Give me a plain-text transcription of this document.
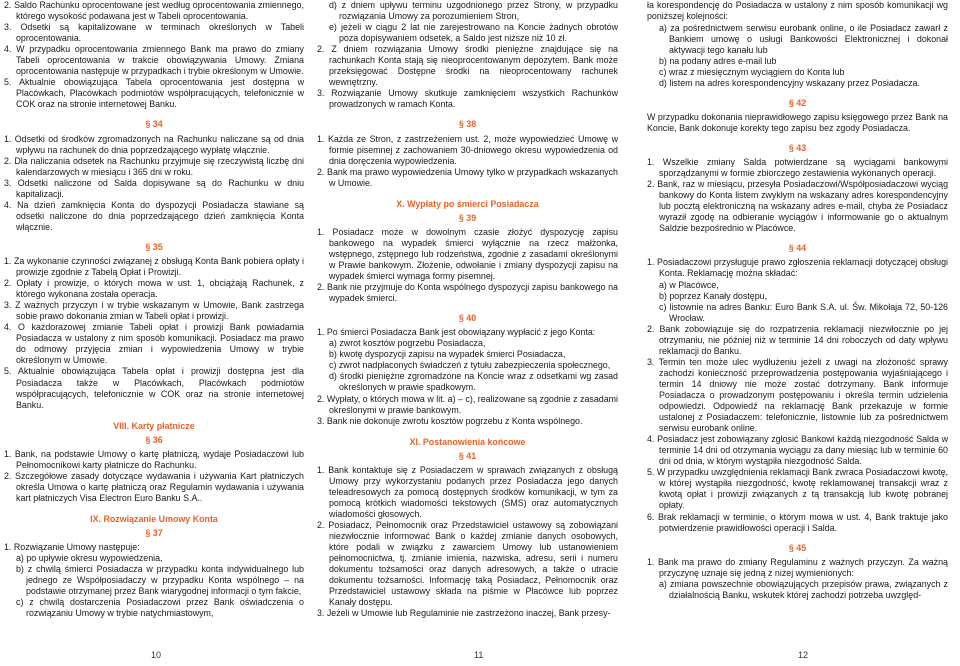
2. Saldo Rachunku oprocentowane jest według oprocentowania zmiennego, którego wysokość podawana jest w Tabeli oprocentowania.

3. Odsetki są kapitalizowane w terminach określonych w Tabeli oprocentowania.

4. W przypadku oprocentowania zmiennego Bank ma prawo do zmiany Tabeli oprocentowania w trakcie obowiązywania Umowy. Zmiana oprocentowania następuje w przypadkach i trybie określonym w Umowie.

5. Aktualnie obowiązująca Tabela oprocentowania jest dostępna w Placówkach, Placówkach podmiotów współpracujących, telefonicznie w COK oraz na stronie internetowej Banku.

§ 34

1. Odsetki od środków zgromadzonych na Rachunku naliczane są od dnia wpływu na rachunek do dnia poprzedzającego wypłatę włącznie.

2. Dla naliczania odsetek na Rachunku przyjmuje się rzeczywistą liczbę dni kalendarzowych w miesiącu i 365 dni w roku.

3. Odsetki naliczone od Salda dopisywane są do Rachunku w dniu kapitalizacji.

4. Na dzień zamknięcia Konta do dyspozycji Posiadacza stawiane są odsetki naliczone do dnia poprzedzającego dzień zamknięcia Konta włącznie.

§ 35

1. Za wykonanie czynności związanej z obsługą Konta Bank pobiera opłaty i prowizje zgodnie z Tabelą Opłat i Prowizji.

2. Opłaty i prowizje, o których mowa w ust. 1, obciążają Rachunek, z którego wykonana została operacja.

3. Z ważnych przyczyn i w trybie wskazanym w Umowie, Bank zastrzega sobie prawo dokonania zmian w Tabeli opłat i prowizji.

4. O każdorazowej zmianie Tabeli opłat i prowizji Bank powiadamia Posiadacza w ustalony z nim sposób komunikacji. Posiadacz ma prawo do odmowy przyjęcia zmian i wypowiedzenia Umowy w trybie określonym w Umowie.

5. Aktualnie obowiązująca Tabela opłat i prowizji dostępna jest dla Posiadacza także w Placówkach, Placówkach podmiotów współpracujących, telefonicznie w COK oraz na stronie internetowej Banku.

VIII. Karty płatnicze

§ 36

1. Bank, na podstawie Umowy o kartę płatniczą, wydaje Posiadaczowi lub Pełnomocnikowi karty płatnicze do Rachunku.

2. Szczegółowe zasady dotyczące wydawania i używania Kart płatniczych określa Umowa o kartę płatniczą oraz Regulamin wydawania i używania kart płatniczych Visa Electron Euro Banku S.A..

IX. Rozwiązanie Umowy Konta

§ 37

1. Rozwiązanie Umowy następuje:

a) po upływie okresu wypowiedzenia,

b) z chwilą śmierci Posiadacza w przypadku konta indywidualnego lub jednego ze Współposiadaczy w przypadku Konta wspólnego – na podstawie otrzymanej przez Bank wiarygodnej informacji o tym fakcie,

c) z chwilą dostarczenia Posiadaczowi przez Bank oświadczenia o rozwiązaniu Umowy w trybie natychmiastowym,

d) z dniem upływu terminu uzgodnionego przez Strony, w przypadku rozwiązania Umowy za porozumieniem Stron,

e) jeżeli w ciągu 2 lat nie zarejestrowano na Koncie żadnych obrotów poza dopisywaniem odsetek, a Saldo jest niższe niż 10 zł.

2. Z dniem rozwiązania Umowy środki pieniężne znajdujące się na rachunkach Konta stają się nieoprocentowanym depozytem. Bank może przeksięgować Dostępne środki na nieoprocentowany rachunek wewnętrzny.

3. Rozwiązanie Umowy skutkuje zamknięciem wszystkich Rachunków prowadzonych w ramach Konta.

§ 38

1. Każda ze Stron, z zastrzeżeniem ust. 2, może wypowiedzieć Umowę w formie pisemnej z zachowaniem 30-dniowego okresu wypowiedzenia od dnia doręczenia wypowiedzenia.

2. Bank ma prawo wypowiedzenia Umowy tylko w przypadkach wskazanych w Umowie.

X. Wypłaty po śmierci Posiadacza

§ 39

1. Posiadacz może w dowolnym czasie złożyć dyspozycję zapisu bankowego na wypadek śmierci wyłącznie na rzecz małżonka, wstępnego, zstępnego lub rodzeństwa, zgodnie z zasadami określonymi w Prawie bankowym. Złożenie, odwołanie i zmiany dyspozycji zapisu na wypadek śmierci wymaga formy pisemnej.

2. Bank nie przyjmuje do Konta wspólnego dyspozycji zapisu bankowego na wypadek śmierci.

§ 40

1. Po śmierci Posiadacza Bank jest obowiązany wypłacić z jego Konta:

a) zwrot kosztów pogrzebu Posiadacza,

b) kwotę dyspozycji zapisu na wypadek śmierci Posiadacza,

c) zwrot nadpłaconych świadczeń z tytułu zabezpieczenia społecznego,

d) środki pieniężne zgromadzone na Koncie wraz z odsetkami wg zasad określonych w prawie spadkowym.

2. Wypłaty, o których mowa w lit. a) – c), realizowane są zgodnie z zasadami określonymi w prawie bankowym.

3. Bank nie dokonuje zwrotu kosztów pogrzebu z Konta wspólnego.

XI. Postanowienia końcowe

§ 41

1. Bank kontaktuje się z Posiadaczem w sprawach związanych z obsługą Umowy przy wykorzystaniu podanych przez Posiadacza jego danych teleadresowych za pomocą dostępnych środków komunikacji, w tym za pomocą krótkich wiadomości tekstowych (SMS) oraz automatycznych wiadomości głosowych.

2. Posiadacz, Pełnomocnik oraz Przedstawiciel ustawowy są zobowiązani niezwłocznie informować Bank o każdej zmianie danych osobowych, które podali w związku z zawarciem Umowy lub ustanowieniem pełnomocnictwa, tj. zmianie imienia, nazwiska, adresu, serii i numeru dokumentu tożsamości oraz danych adresowych, a także o utracie dokumentu tożsamości. Informację taką Posiadacz, Pełnomocnik oraz Przedstawiciel ustawowy składa na piśmie w Placówce lub poprzez Kanały dostępu.

3. Jeżeli w Umowie lub Regulaminie nie zastrzeżono inaczej, Bank przesy-

ła korespondencję do Posiadacza w ustalony z nim sposób komunikacji wg poniższej kolejności:

a) za pośrednictwem serwisu eurobank online, o ile Posiadacz zawarł z Bankiem umowę o usługi Bankowości Elektronicznej i dokonał aktywacji tego kanału lub

b) na podany adres e-mail lub

c) wraz z miesięcznym wyciągiem do Konta lub

d) listem na adres korespondencyjny wskazany przez Posiadacza.

§ 42

W przypadku dokonania nieprawidłowego zapisu księgowego przez Bank na Koncie, Bank dokonuje korekty tego zapisu bez zgody Posiadacza.

§ 43

1. Wszelkie zmiany Salda potwierdzane są wyciągami bankowymi sporządzanymi w formie zbiorczego zestawienia wykonanych operacji.

2. Bank, raz w miesiącu, przesyła Posiadaczowi/Współposiadaczowi wyciąg bankowy do Konta listem zwykłym na wskazany adres korespondencyjny lub pocztą elektroniczną na wskazany adres e-mail, chyba że Posiadacz wyraził zgodę na odbieranie wyciągów i informowanie go o aktualnym Saldzie bezpośrednio w Placówce.

§ 44

1. Posiadaczowi przysługuje prawo zgłoszenia reklamacji dotyczącej obsługi Konta. Reklamację można składać:

a) w Placówce,

b) poprzez Kanały dostępu,

c) listownie na adres Banku: Euro Bank S.A. ul. Św. Mikołaja 72, 50-126 Wrocław.

2. Bank zobowiązuje się do rozpatrzenia reklamacji niezwłocznie po jej otrzymaniu, nie później niż w terminie 14 dni roboczych od daty wpływu reklamacji do Banku.

3. Termin ten może ulec wydłużeniu jeżeli z uwagi na złożoność sprawy zachodzi konieczność przeprowadzenia postępowania wyjaśniającego i termin 14 dniowy nie może zostać dotrzymany. Bank informuje Posiadacza o prowadzonym postępowaniu i określa termin udzielenia odpowiedzi. Odpowiedź na reklamację Bank przekazuje w formie ustalonej z Posiadaczem: telefonicznie, listownie lub za pośrednictwem serwisu eurobank online.

4. Posiadacz jest zobowiązany zgłosić Bankowi każdą niezgodność Salda w terminie 14 dni od otrzymania wyciągu za dany miesiąc lub w terminie 60 dni od dnia, w którym wystąpiła niezgodność Salda.

5. W przypadku uwzględnienia reklamacji Bank zwraca Posiadaczowi kwotę, w której wystąpiła niezgodność, kwotę reklamowanej transakcji wraz z kwotą opłat i prowizji związanych z tą transakcją lub kwotę pobranej opłaty.

6. Brak reklamacji w terminie, o którym mowa w ust. 4, Bank traktuje jako potwierdzenie prawidłowości operacji i Salda.

§ 45

1. Bank ma prawo do zmiany Regulaminu z ważnych przyczyn. Za ważną przyczynę uznaje się jedną z niżej wymienionych:

a) zmiana powszechnie obowiązujących przepisów prawa, związanych z działalnością Banku, wskutek której zachodzi potrzeba uwzględ-

10	11	12
